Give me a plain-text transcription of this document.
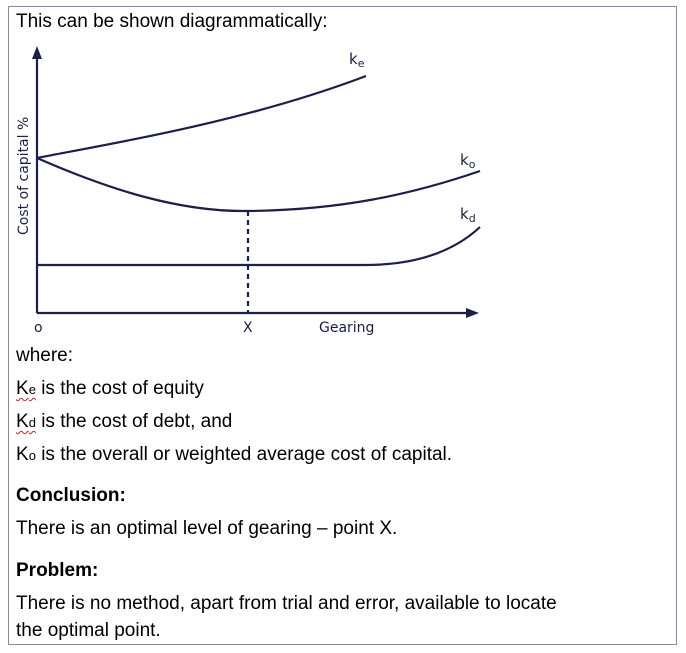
This can be shown diagrammatically:

Cost of capital %
o	X	Gearing
$k_e$
$k_o$
$k_d$

where:

Ke is the cost of equity

Kd is the cost of debt, and

Ko is the overall or weighted average cost of capital.

Conclusion:

There is an optimal level of gearing – point X.

Problem:

There is no method, apart from trial and error, available to locate

the optimal point.
